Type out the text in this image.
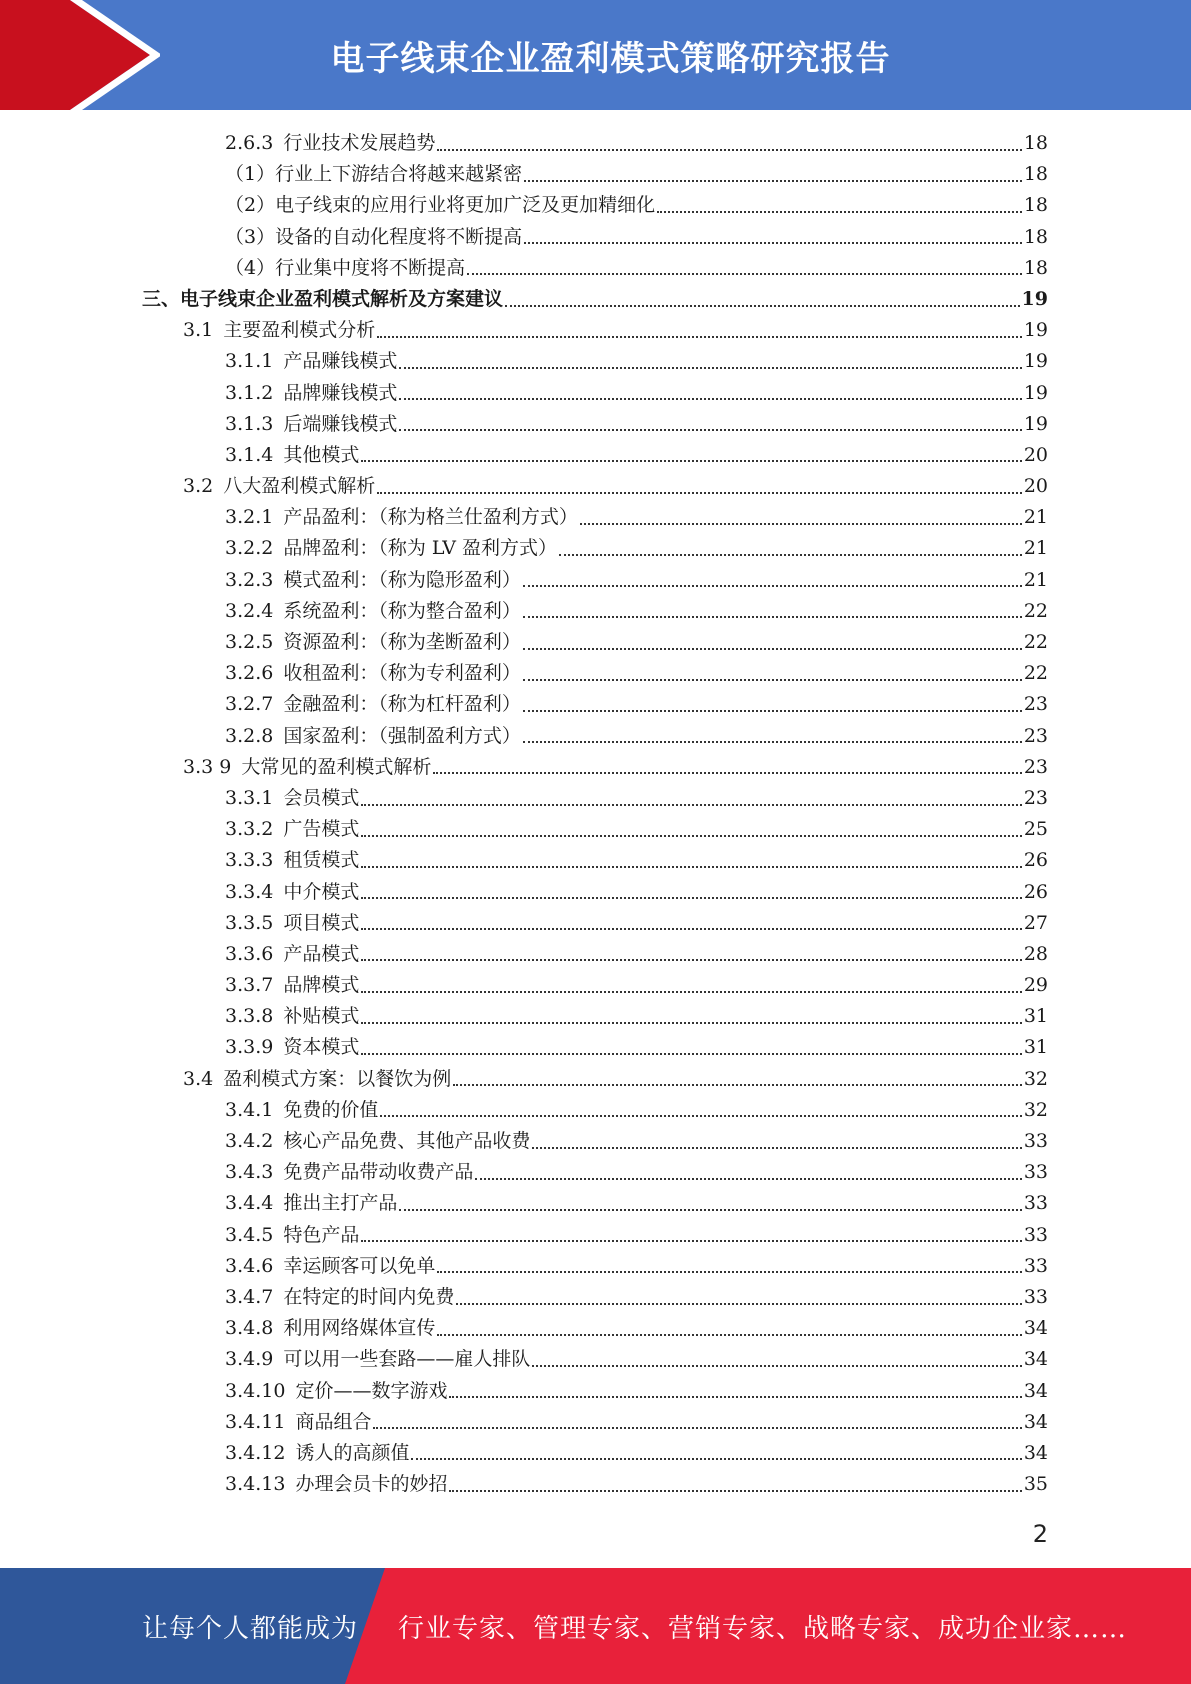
电子线束企业盈利模式策略研究报告
2.6.3 行业技术发展趋势	18
（1）行业上下游结合将越来越紧密	18
（2）电子线束的应用行业将更加广泛及更加精细化	18
（3）设备的自动化程度将不断提高	18
（4）行业集中度将不断提高	18
三、电子线束企业盈利模式解析及方案建议	19
3.1 主要盈利模式分析	19
3.1.1 产品赚钱模式	19
3.1.2 品牌赚钱模式	19
3.1.3 后端赚钱模式	19
3.1.4 其他模式	20
3.2 八大盈利模式解析	20
3.2.1 产品盈利：（称为格兰仕盈利方式）	21
3.2.2 品牌盈利：（称为 LV 盈利方式）	21
3.2.3 模式盈利：（称为隐形盈利）	21
3.2.4 系统盈利：（称为整合盈利）	22
3.2.5 资源盈利：（称为垄断盈利）	22
3.2.6 收租盈利：（称为专利盈利）	22
3.2.7 金融盈利：（称为杠杆盈利）	23
3.2.8 国家盈利：（强制盈利方式）	23
3.3 9 大常见的盈利模式解析	23
3.3.1 会员模式	23
3.3.2 广告模式	25
3.3.3 租赁模式	26
3.3.4 中介模式	26
3.3.5 项目模式	27
3.3.6 产品模式	28
3.3.7 品牌模式	29
3.3.8 补贴模式	31
3.3.9 资本模式	31
3.4 盈利模式方案：以餐饮为例	32
3.4.1 免费的价值	32
3.4.2 核心产品免费、其他产品收费	33
3.4.3 免费产品带动收费产品	33
3.4.4 推出主打产品	33
3.4.5 特色产品	33
3.4.6 幸运顾客可以免单	33
3.4.7 在特定的时间内免费	33
3.4.8 利用网络媒体宣传	34
3.4.9 可以用一些套路——雇人排队	34
3.4.10 定价——数字游戏	34
3.4.11 商品组合	34
3.4.12 诱人的高颜值	34
3.4.13 办理会员卡的妙招	35
2
让每个人都能成为 行业专家、管理专家、营销专家、战略专家、成功企业家……
